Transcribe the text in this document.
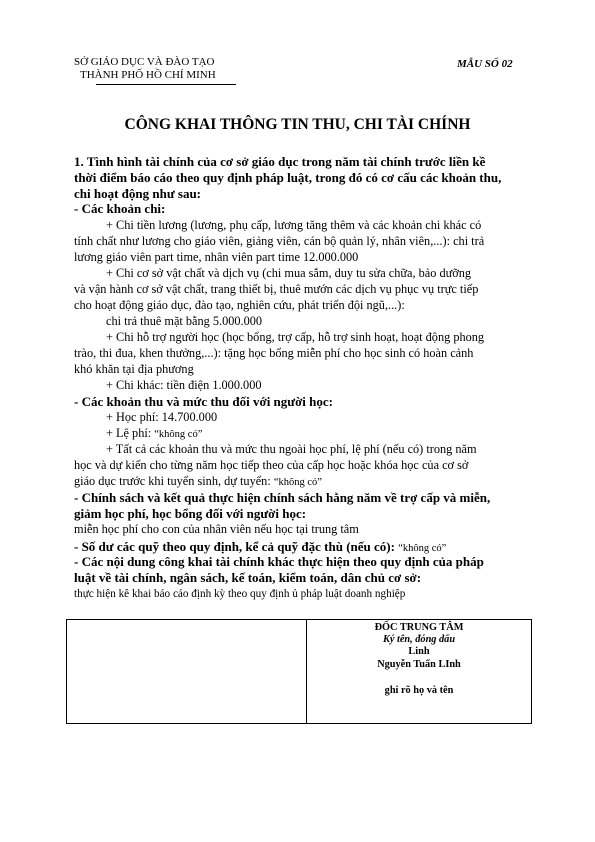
SỞ GIÁO DỤC VÀ ĐÀO TẠO
THÀNH PHỐ HỒ CHÍ MINH
MẪU SỐ 02
CÔNG KHAI THÔNG TIN THU, CHI TÀI CHÍNH
1. Tình hình tài chính của cơ sở giáo dục trong năm tài chính trước liền kề
thời điểm báo cáo theo quy định pháp luật, trong đó có cơ cấu các khoản thu,
chi hoạt động như sau:
- Các khoản chi:
+ Chi tiền lương (lương, phụ cấp, lương tăng thêm và các khoản chi khác có
tính chất như lương cho giáo viên, giảng viên, cán bộ quản lý, nhân viên,...): chi trả
lương giáo viên part time, nhân viên part time 12.000.000
+ Chi cơ sở vật chất và dịch vụ (chi mua sắm, duy tu sửa chữa, bảo dưỡng
và vận hành cơ sở vật chất, trang thiết bị, thuê mướn các dịch vụ phục vụ trực tiếp
cho hoạt động giáo dục, đào tạo, nghiên cứu, phát triển đội ngũ,...):
chi trả thuê mặt bằng 5.000.000
+ Chi hỗ trợ người học (học bổng, trợ cấp, hỗ trợ sinh hoạt, hoạt động phong
trào, thi đua, khen thưởng,...): tặng học bổng miễn phí cho học sinh có hoàn cảnh
khó khăn tại địa phương
+ Chi khác: tiền điện 1.000.000
- Các khoản thu và mức thu đối với người học:
+ Học phí: 14.700.000
+ Lệ phí: “không có”
+ Tất cả các khoản thu và mức thu ngoài học phí, lệ phí (nếu có) trong năm
học và dự kiến cho từng năm học tiếp theo của cấp học hoặc khóa học của cơ sở
giáo dục trước khi tuyển sinh, dự tuyển: “không có”
- Chính sách và kết quả thực hiện chính sách hằng năm về trợ cấp và miễn,
giảm học phí, học bổng đối với người học:
miễn học phí cho con của nhân viên nếu học tại trung tâm
- Số dư các quỹ theo quy định, kể cả quỹ đặc thù (nếu có): “không có”
- Các nội dung công khai tài chính khác thực hiện theo quy định của pháp
luật về tài chính, ngân sách, kế toán, kiểm toán, dân chủ cơ sở:
thực hiện kê khai báo cáo định kỳ theo quy định ủ pháp luật doanh nghiệp
ĐỐC TRUNG TÂM
Ký tên, đóng dấu
Linh
Nguyễn Tuấn LInh
ghi rõ họ và tên
